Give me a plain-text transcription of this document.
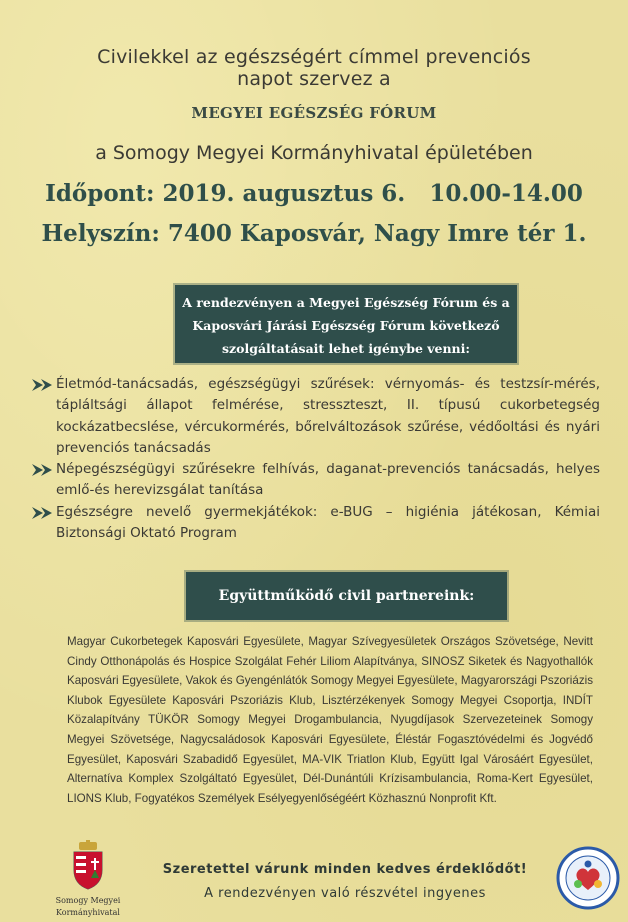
Civilekkel az egészségért címmel prevenciós
napot szervez a
MEGYEI EGÉSZSÉG FÓRUM
a Somogy Megyei Kormányhivatal épületében
Időpont: 2019. augusztus 6.   10.00-14.00
Helyszín: 7400 Kaposvár, Nagy Imre tér 1.
A rendezvényen a Megyei Egészség Fórum és a
Kaposvári Járási Egészség Fórum következő
szolgáltatásait lehet igénybe venni:
Életmód-tanácsadás, egészségügyi szűrések: vérnyomás- és testzsír-mérés, tápláltsági állapot felmérése, stresszteszt, II. típusú cukorbetegség kockázatbecslése, vércukormérés, bőrelváltozások szűrése, védőoltási és nyári prevenciós tanácsadás
Népegészségügyi szűrésekre felhívás, daganat-prevenciós tanácsadás, helyes emlő-és herevizsgálat tanítása
Egészségre nevelő gyermekjátékok: e-BUG – higiénia játékosan, Kémiai Biztonsági Oktató Program
Együttműködő civil partnereink:
Magyar Cukorbetegek Kaposvári Egyesülete, Magyar Szívegyesületek Országos Szövetsége, Nevitt Cindy Otthonápolás és Hospice Szolgálat Fehér Liliom Alapítványa, SINOSZ Siketek és Nagyothallók Kaposvári Egyesülete, Vakok és Gyengénlátók Somogy Megyei Egyesülete, Magyarországi Pszoriázis Klubok Egyesülete Kaposvári Pszoriázis Klub, Lisztérzékenyek Somogy Megyei Csoportja, INDÍT Közalapítvány TÜKÖR Somogy Megyei Drogambulancia, Nyugdíjasok Szervezeteinek Somogy Megyei Szövetsége, Nagycsaládosok Kaposvári Egyesülete, Éléstár Fogasztóvédelmi és Jogvédő Egyesület, Kaposvári Szabadidő Egyesület, MA-VIK Triatlon Klub, Együtt Igal Városáért Egyesület, Alternatíva Komplex Szolgáltató Egyesület, Dél-Dunántúli Krízisambulancia, Roma-Kert Egyesület, LIONS Klub, Fogyatékos Személyek Esélyegyenlőségéért Közhasznú Nonprofit Kft.
Somogy Megyei
Kormányhivatal
Szeretettel várunk minden kedves érdeklődőt!
A rendezvényen való részvétel ingyenes
